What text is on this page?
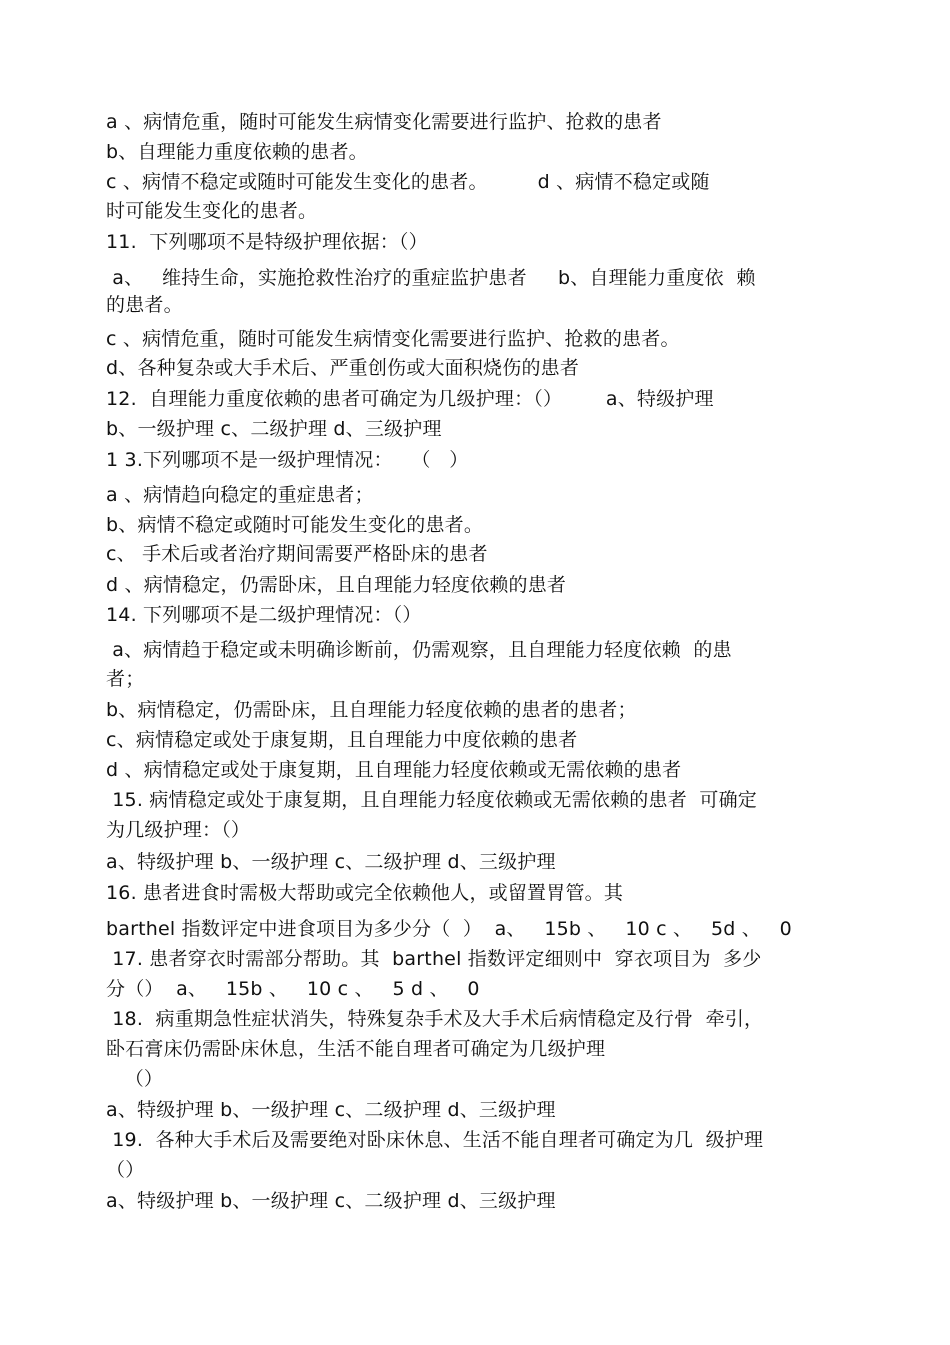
a 、病情危重，随时可能发生病情变化需要进行监护、抢救的患者
b、自理能力重度依赖的患者。
c 、病情不稳定或随时可能发生变化的患者。        d 、病情不稳定或随
时可能发生变化的患者。
11.  下列哪项不是特级护理依据：（）
a、   维持生命，实施抢救性治疗的重症监护患者     b、自理能力重度依  赖
的患者。
c 、病情危重，随时可能发生病情变化需要进行监护、抢救的患者。
d、各种复杂或大手术后、严重创伤或大面积烧伤的患者
12.  自理能力重度依赖的患者可确定为几级护理：（）       a、特级护理
b、一级护理 c、二级护理 d、三级护理
1 3.下列哪项不是一级护理情况：   （   ）
a 、病情趋向稳定的重症患者；
b、病情不稳定或随时可能发生变化的患者。
c、 手术后或者治疗期间需要严格卧床的患者
d 、病情稳定，仍需卧床，且自理能力轻度依赖的患者
14. 下列哪项不是二级护理情况：（）
a、病情趋于稳定或未明确诊断前，仍需观察，且自理能力轻度依赖  的患
者；
b、病情稳定，仍需卧床，且自理能力轻度依赖的患者的患者；
c、病情稳定或处于康复期，且自理能力中度依赖的患者
d 、病情稳定或处于康复期，且自理能力轻度依赖或无需依赖的患者
15. 病情稳定或处于康复期，且自理能力轻度依赖或无需依赖的患者  可确定
为几级护理：（）
a、特级护理 b、一级护理 c、二级护理 d、三级护理
16. 患者进食时需极大帮助或完全依赖他人，或留置胃管。其
barthel 指数评定中进食项目为多少分（  ）  a、   15b 、   10 c 、   5d 、   0
17. 患者穿衣时需部分帮助。其  barthel 指数评定细则中  穿衣项目为  多少
分（）  a、   15b 、   10 c 、   5 d 、   0
18.  病重期急性症状消失，特殊复杂手术及大手术后病情稳定及行骨  牵引，
卧石膏床仍需卧床休息，生活不能自理者可确定为几级护理
（）
a、特级护理 b、一级护理 c、二级护理 d、三级护理
19.  各种大手术后及需要绝对卧床休息、生活不能自理者可确定为几  级护理
（）
a、特级护理 b、一级护理 c、二级护理 d、三级护理
